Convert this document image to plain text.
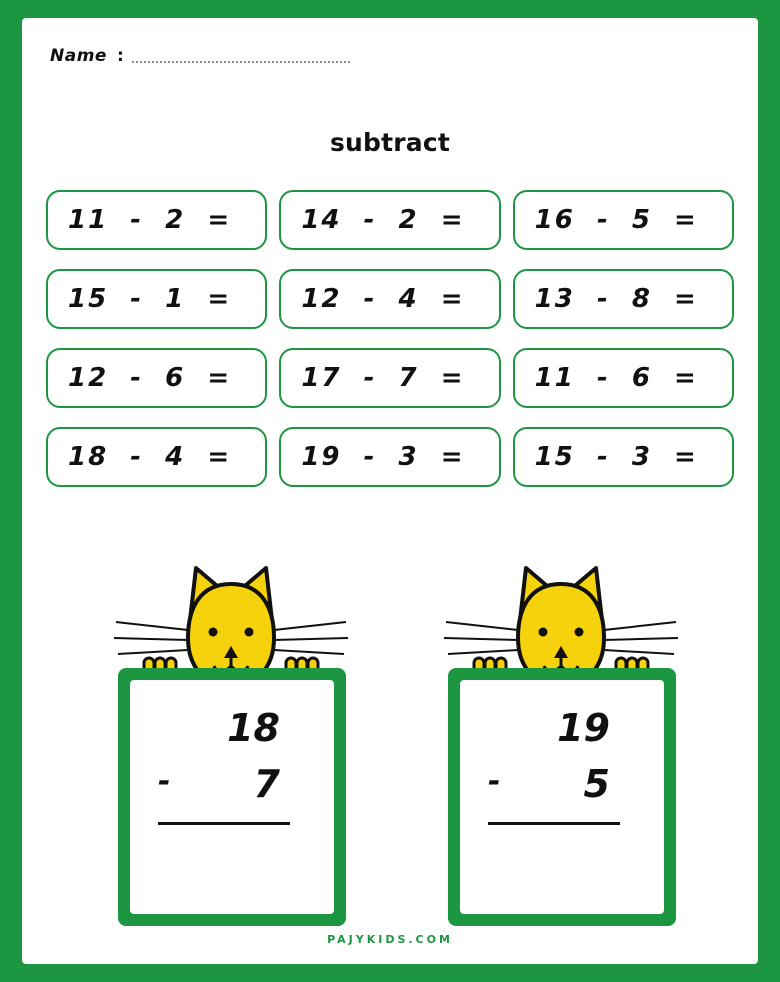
Name :
subtract
11  -  2  =	14  -  2  =	16  -  5  =
15  -  1  =	12  -  4  =	13  -  8  =
12  -  6  =	17  -  7  =	11  -  6  =
18  -  4  =	19  -  3  =	15  -  3  =
18
- 7
19
- 5
PAJYKIDS.COM
